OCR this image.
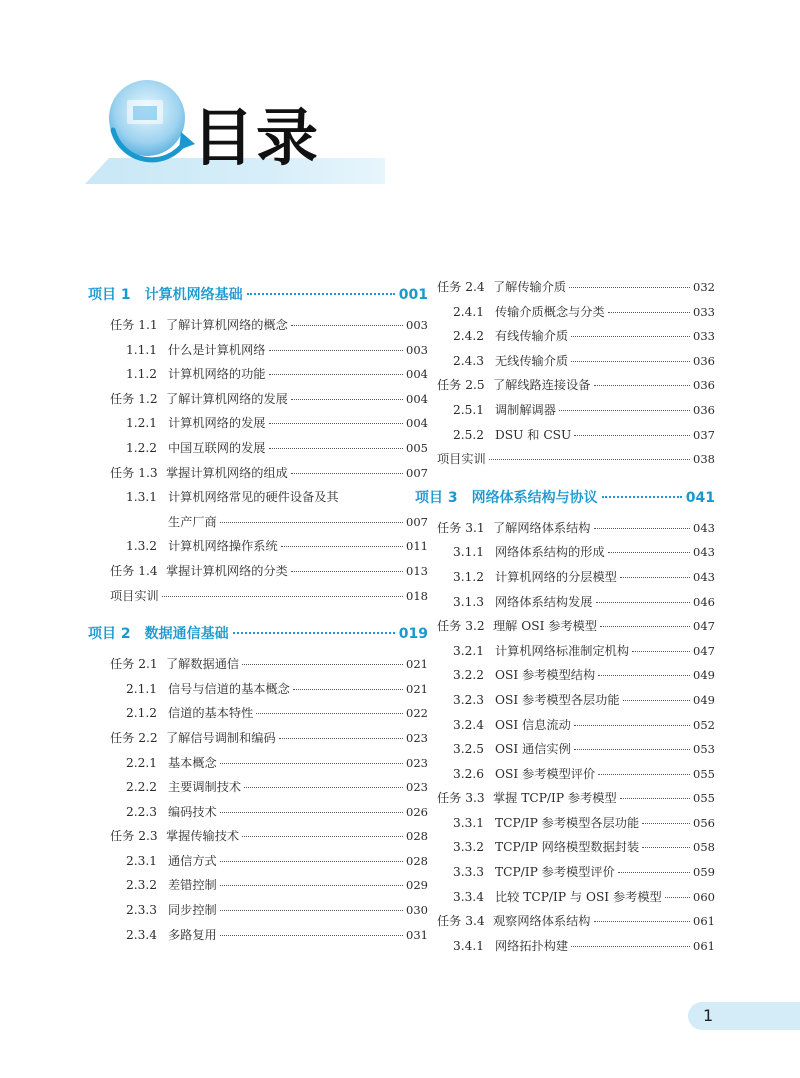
目录
项目 1　计算机网络基础	001
任务 1.1 了解计算机网络的概念	003
1.1.1 什么是计算机网络	003
1.1.2 计算机网络的功能	004
任务 1.2 了解计算机网络的发展	004
1.2.1 计算机网络的发展	004
1.2.2 中国互联网的发展	005
任务 1.3 掌握计算机网络的组成	007
1.3.1 计算机网络常见的硬件设备及其
生产厂商	007
1.3.2 计算机网络操作系统	011
任务 1.4 掌握计算机网络的分类	013
项目实训	018
项目 2　数据通信基础	019
任务 2.1 了解数据通信	021
2.1.1 信号与信道的基本概念	021
2.1.2 信道的基本特性	022
任务 2.2 了解信号调制和编码	023
2.2.1 基本概念	023
2.2.2 主要调制技术	023
2.2.3 编码技术	026
任务 2.3 掌握传输技术	028
2.3.1 通信方式	028
2.3.2 差错控制	029
2.3.3 同步控制	030
2.3.4 多路复用	031
任务 2.4 了解传输介质	032
2.4.1 传输介质概念与分类	033
2.4.2 有线传输介质	033
2.4.3 无线传输介质	036
任务 2.5 了解线路连接设备	036
2.5.1 调制解调器	036
2.5.2 DSU 和 CSU	037
项目实训	038
项目 3　网络体系结构与协议	041
任务 3.1 了解网络体系结构	043
3.1.1 网络体系结构的形成	043
3.1.2 计算机网络的分层模型	043
3.1.3 网络体系结构发展	046
任务 3.2 理解 OSI 参考模型	047
3.2.1 计算机网络标准制定机构	047
3.2.2 OSI 参考模型结构	049
3.2.3 OSI 参考模型各层功能	049
3.2.4 OSI 信息流动	052
3.2.5 OSI 通信实例	053
3.2.6 OSI 参考模型评价	055
任务 3.3 掌握 TCP/IP 参考模型	055
3.3.1 TCP/IP 参考模型各层功能	056
3.3.2 TCP/IP 网络模型数据封装	058
3.3.3 TCP/IP 参考模型评价	059
3.3.4 比较 TCP/IP 与 OSI 参考模型	060
任务 3.4 观察网络体系结构	061
3.4.1 网络拓扑构建	061
1
